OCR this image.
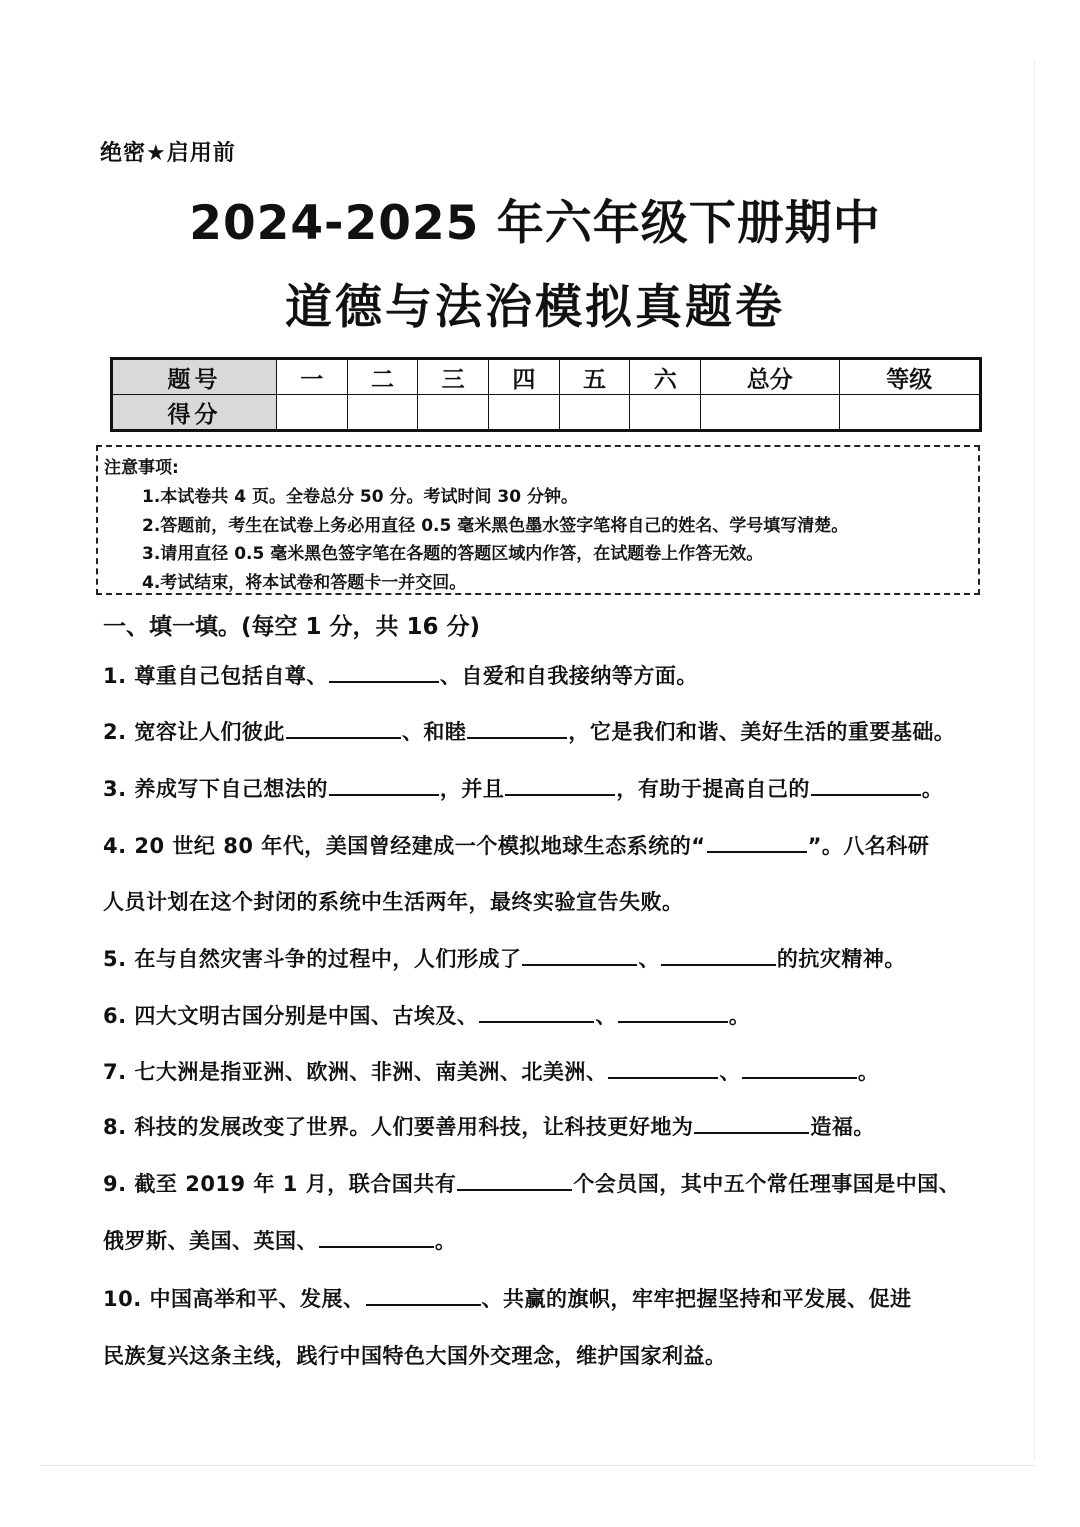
绝密★启用前
2024-2025 年六年级下册期中
道德与法治模拟真题卷
题号	一	二	三	四	五	六	总分	等级
得分								
注意事项:
1.本试卷共 4 页。全卷总分 50 分。考试时间 30 分钟。
2.答题前，考生在试卷上务必用直径 0.5 毫米黑色墨水签字笔将自己的姓名、学号填写清楚。
3.请用直径 0.5 毫米黑色签字笔在各题的答题区域内作答，在试题卷上作答无效。
4.考试结束，将本试卷和答题卡一并交回。
一、填一填。(每空 1 分，共 16 分)
1. 尊重自己包括自尊、	、自爱和自我接纳等方面。
2. 宽容让人们彼此	、和睦	，它是我们和谐、美好生活的重要基础。
3. 养成写下自己想法的	，并且	，有助于提高自己的	。
4. 20 世纪 80 年代，美国曾经建成一个模拟地球生态系统的“	”。八名科研
人员计划在这个封闭的系统中生活两年，最终实验宣告失败。
5. 在与自然灾害斗争的过程中，人们形成了	、	的抗灾精神。
6. 四大文明古国分别是中国、古埃及、	、	。
7. 七大洲是指亚洲、欧洲、非洲、南美洲、北美洲、	、	。
8. 科技的发展改变了世界。人们要善用科技，让科技更好地为	造福。
9. 截至 2019 年 1 月，联合国共有	个会员国，其中五个常任理事国是中国、
俄罗斯、美国、英国、	。
10. 中国高举和平、发展、	、共赢的旗帜，牢牢把握坚持和平发展、促进
民族复兴这条主线，践行中国特色大国外交理念，维护国家利益。
